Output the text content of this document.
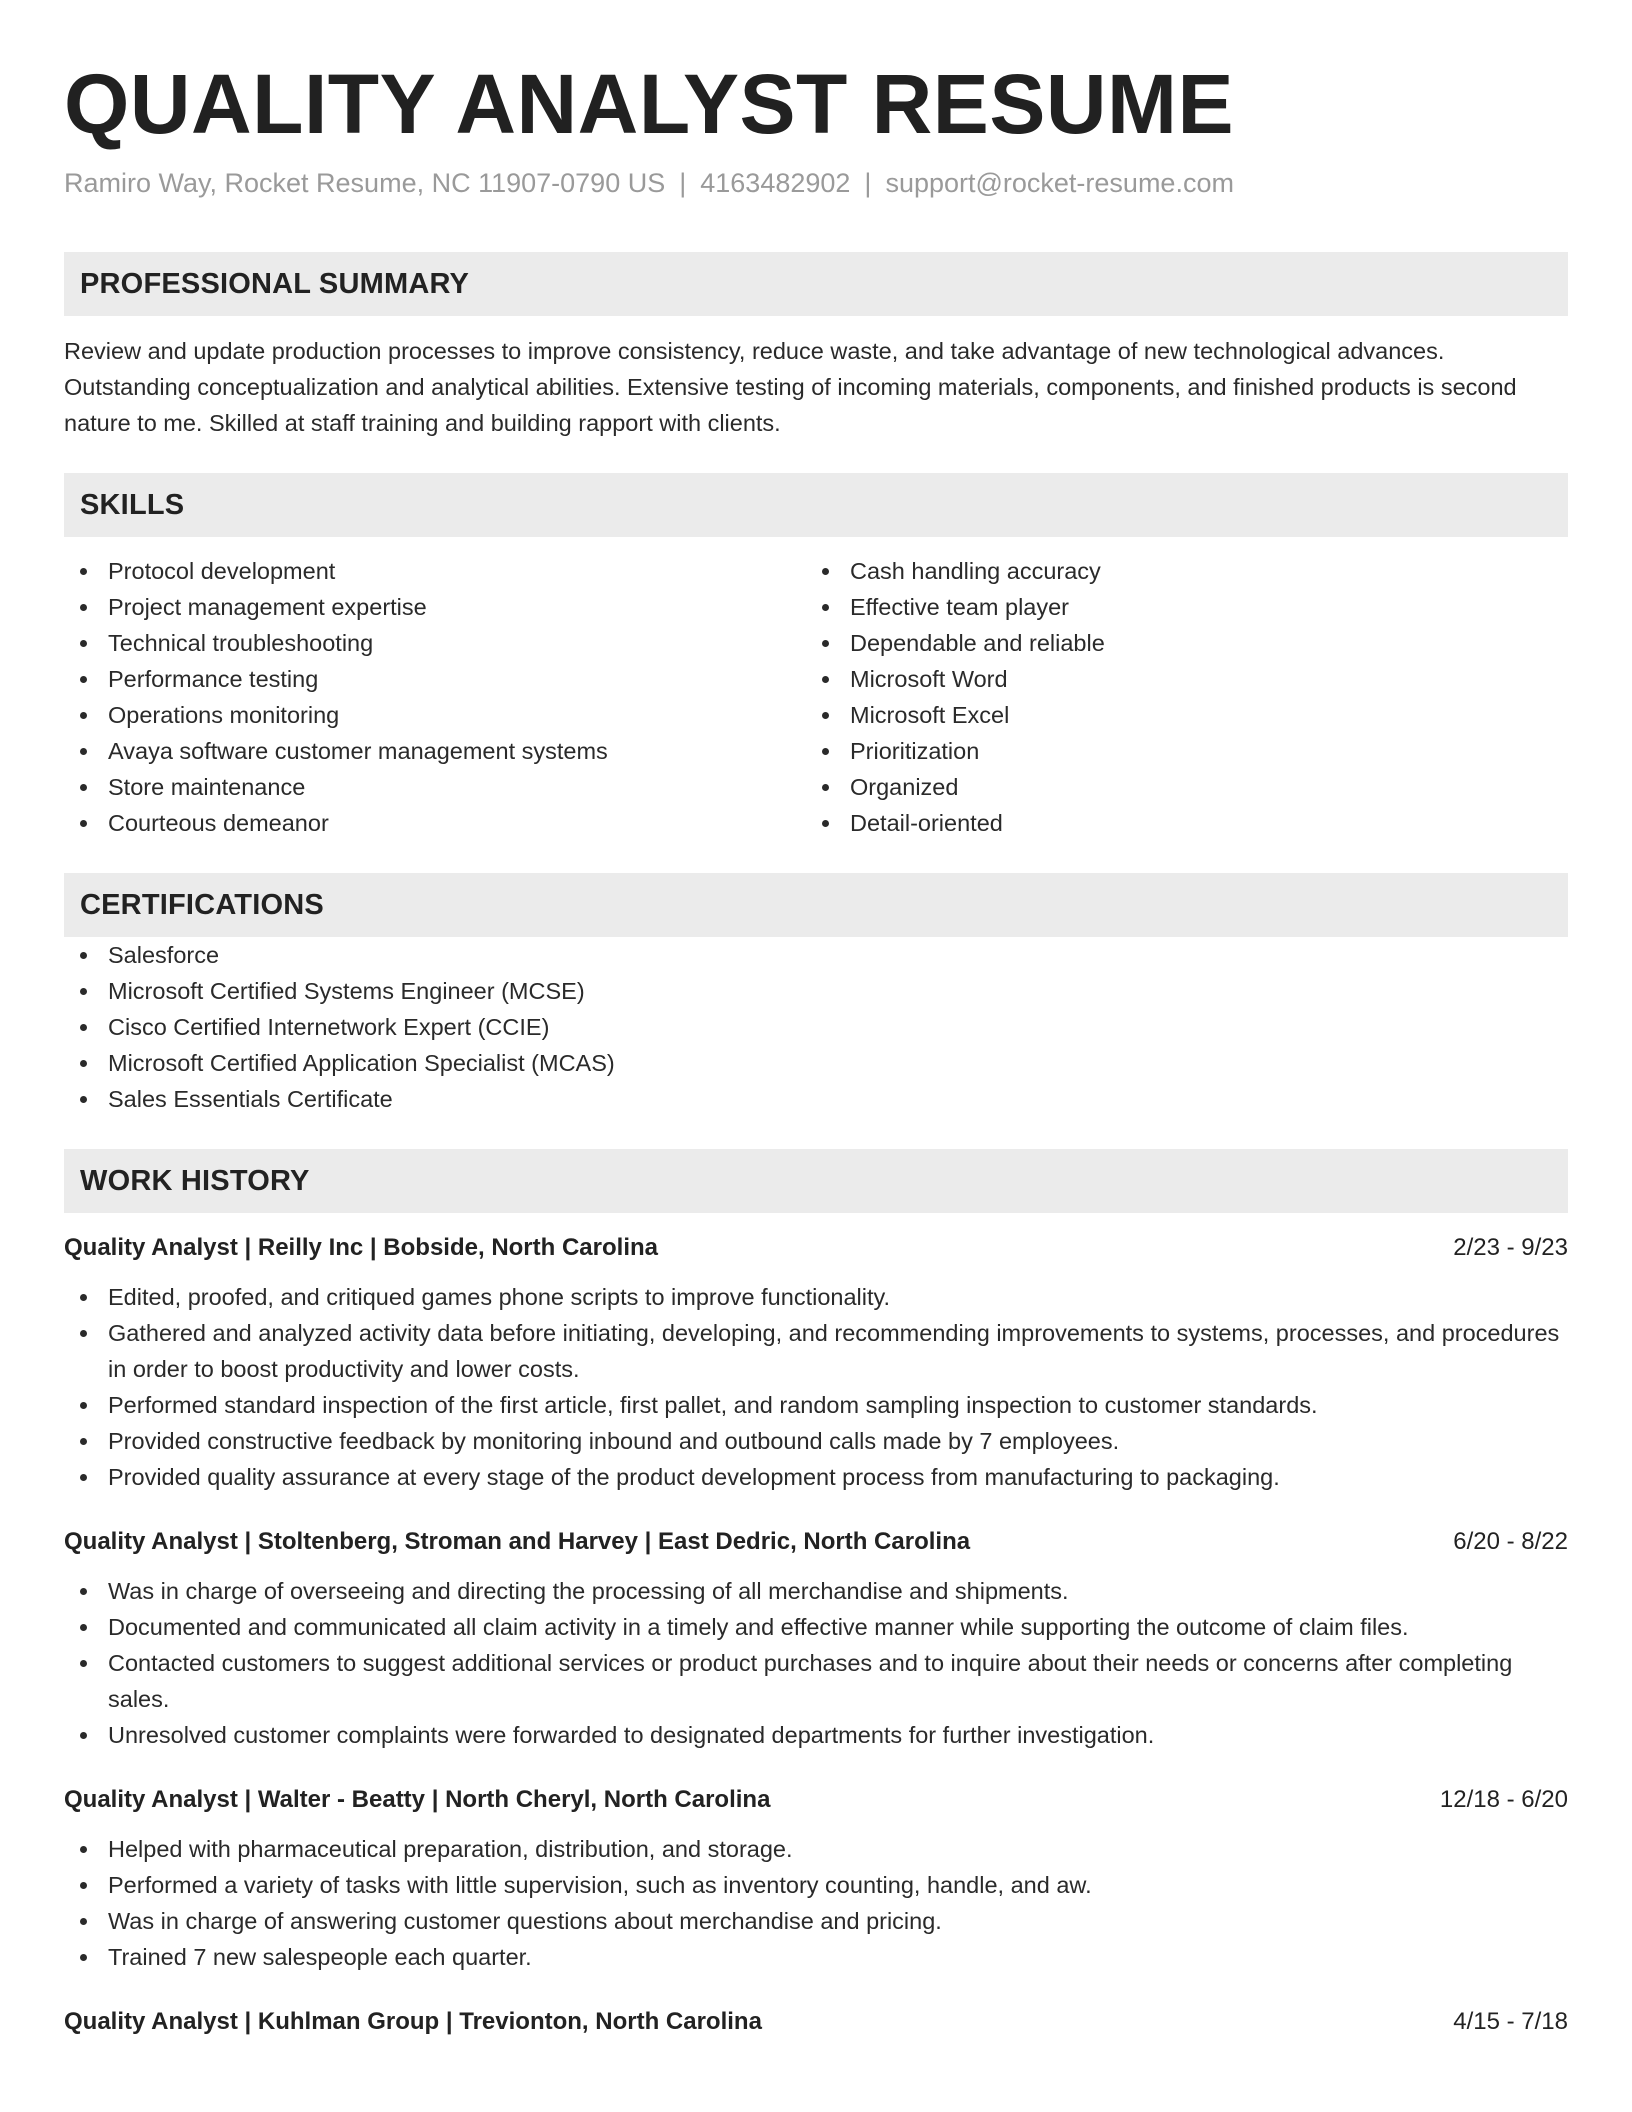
QUALITY ANALYST RESUME
Ramiro Way, Rocket Resume, NC 11907-0790 US | 4163482902 | support@rocket-resume.com
PROFESSIONAL SUMMARY
Review and update production processes to improve consistency, reduce waste, and take advantage of new technological advances. Outstanding conceptualization and analytical abilities. Extensive testing of incoming materials, components, and finished products is second nature to me. Skilled at staff training and building rapport with clients.
SKILLS
Protocol development
Project management expertise
Technical troubleshooting
Performance testing
Operations monitoring
Avaya software customer management systems
Store maintenance
Courteous demeanor
Cash handling accuracy
Effective team player
Dependable and reliable
Microsoft Word
Microsoft Excel
Prioritization
Organized
Detail-oriented
CERTIFICATIONS
Salesforce
Microsoft Certified Systems Engineer (MCSE)
Cisco Certified Internetwork Expert (CCIE)
Microsoft Certified Application Specialist (MCAS)
Sales Essentials Certificate
WORK HISTORY
Quality Analyst | Reilly Inc | Bobside, North Carolina	2/23 - 9/23
Edited, proofed, and critiqued games phone scripts to improve functionality.
Gathered and analyzed activity data before initiating, developing, and recommending improvements to systems, processes, and procedures in order to boost productivity and lower costs.
Performed standard inspection of the first article, first pallet, and random sampling inspection to customer standards.
Provided constructive feedback by monitoring inbound and outbound calls made by 7 employees.
Provided quality assurance at every stage of the product development process from manufacturing to packaging.
Quality Analyst | Stoltenberg, Stroman and Harvey | East Dedric, North Carolina	6/20 - 8/22
Was in charge of overseeing and directing the processing of all merchandise and shipments.
Documented and communicated all claim activity in a timely and effective manner while supporting the outcome of claim files.
Contacted customers to suggest additional services or product purchases and to inquire about their needs or concerns after completing sales.
Unresolved customer complaints were forwarded to designated departments for further investigation.
Quality Analyst | Walter - Beatty | North Cheryl, North Carolina	12/18 - 6/20
Helped with pharmaceutical preparation, distribution, and storage.
Performed a variety of tasks with little supervision, such as inventory counting, handle, and aw.
Was in charge of answering customer questions about merchandise and pricing.
Trained 7 new salespeople each quarter.
Quality Analyst | Kuhlman Group | Trevionton, North Carolina	4/15 - 7/18
